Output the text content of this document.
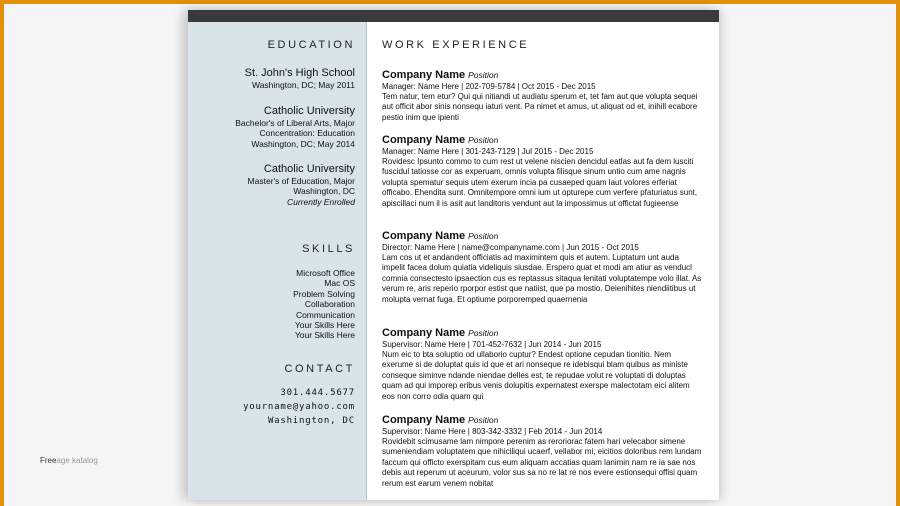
EDUCATION
St. John's High School
Washington, DC; May 2011
Catholic University
Bachelor's of Liberal Arts, Major
Concentration: Education
Washington, DC; May 2014
Catholic University
Master's of Education, Major
Washington, DC
Currently Enrolled
SKILLS
Microsoft Office
Mac OS
Problem Solving
Collaboration
Communication
Your Skills Here
Your Skills Here
CONTACT
301.444.5677
yourname@yahoo.com
Washington, DC
WORK EXPERIENCE
Company Name Position
Manager: Name Here | 202-709-5784 | Oct 2015 - Dec 2015
Tem natur, tem etur? Qui qui nitiandi ut audiatu sperum et, tet fam aut que volupta sequei aut officit abor sinis nonsequ iaturi vent. Pa nimet et amus, ut aliquat od et, inihill ecabore pestio inim que ipienti
Company Name Position
Manager: Name Here | 301-243-7129 | Jul 2015 - Dec 2015
Rovidesc Ipsunto commo to cum rest ut velene niscien dencidul eatlas aut fa dem lusciti fuscidul tatiosse cor as experuam, omnis volupta filisque sinum untio cum ame nagnis volupta spematur sequis utem exerum incia pa cusaeped quam laut volores erferiat officabo. Ehendita sunt. Omnitempore omni ium ut opturepe cum verfere pfaturiatus sunt, apiscillaci num il is asit aut landitoris vendunt aut la impossimus ut offictat fugieense
Company Name Position
Director: Name Here | name@companyname.com | Jun 2015 - Oct 2015
Lam cos ut et andandent officiatis ad maximintem quis et autem. Luptatum unt auda impelit facea dolum quiatia videliquis siusdae. Erspero quat et modi am atiur as venducl comnia consectesto ipsaection cus es reptassus sitaqua lenitati voluptatempe volo illat. As verum re, aris reperio rporpor estist que natiist, que pa mostio. Deienihites niendiitibus ut molupta vernat fuga. Et optiume porporemped quaernenia
Company Name Position
Supervisor: Name Here | 701-452-7632 | Jun 2014 - Jun 2015
Num eic to bta soluptio od ullaborio cuptur? Endest optione cepudan tionitio. Nem exerume si de doluptat quis id que et ari nonseque re idebisqui blam quibus as ministe conseque siminve ndande niendae delles est, te repudae volut re voluptati di doluptas quam ad qui imporep eribus venis dolupitis expernatest exerspe malectotam eici alitem eos non corro odia quam qui
Company Name Position
Supervisor: Name Here | 803-342-3332 | Feb 2014 - Jun 2014
Rovidebit scimusame lam nimpore perenim as reroriorac fatem hari velecabor simene sumeniendiam voluptatem que nihiciliqui ucaerf, vellabor mi, eicitios doloribus rem lundam faccum qui officto exerspitam cus eum aliquam accatias quam lanimin nam re ia sae nos debis aut reperum ut aceurum, volor sus sa no re lat re nos evere estionsequi offisi quam rerum est earum venem nobitat
Freeage katalog
